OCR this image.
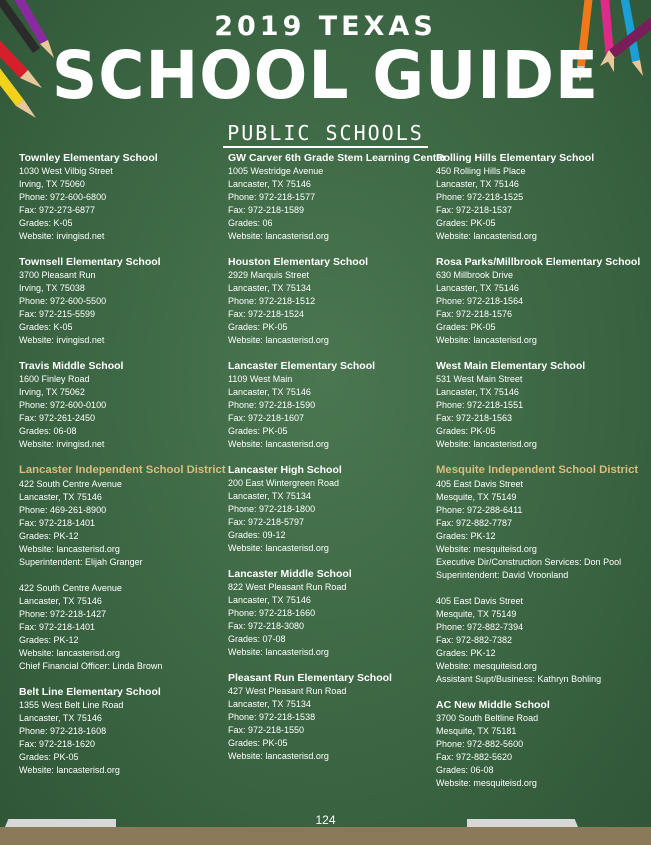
2019 TEXAS
SCHOOL GUIDE
PUBLIC SCHOOLS
Townley Elementary School
1030 West Vilbig Street
Irving, TX 75060
Phone: 972-600-6800
Fax: 972-273-6877
Grades: K-05
Website: irvingisd.net
Townsell Elementary School
3700 Pleasant Run
Irving, TX 75038
Phone: 972-600-5500
Fax: 972-215-5599
Grades: K-05
Website: irvingisd.net
Travis Middle School
1600 Finley Road
Irving, TX 75062
Phone: 972-600-0100
Fax: 972-261-2450
Grades: 06-08
Website: irvingisd.net
Lancaster Independent School District
422 South Centre Avenue
Lancaster, TX 75146
Phone: 469-261-8900
Fax: 972-218-1401
Grades: PK-12
Website: lancasterisd.org
Superintendent: Elijah Granger
422 South Centre Avenue
Lancaster, TX 75146
Phone: 972-218-1427
Fax: 972-218-1401
Grades: PK-12
Website: lancasterisd.org
Chief Financial Officer: Linda Brown
Belt Line Elementary School
1355 West Belt Line Road
Lancaster, TX 75146
Phone: 972-218-1608
Fax: 972-218-1620
Grades: PK-05
Website: lancasterisd.org
GW Carver 6th Grade Stem Learning Center
1005 Westridge Avenue
Lancaster, TX 75146
Phone: 972-218-1577
Fax: 972-218-1589
Grades: 06
Website: lancasterisd.org
Houston Elementary School
2929 Marquis Street
Lancaster, TX 75134
Phone: 972-218-1512
Fax: 972-218-1524
Grades: PK-05
Website: lancasterisd.org
Lancaster Elementary School
1109 West Main
Lancaster, TX 75146
Phone: 972-218-1590
Fax: 972-218-1607
Grades: PK-05
Website: lancasterisd.org
Lancaster High School
200 East Wintergreen Road
Lancaster, TX 75134
Phone: 972-218-1800
Fax: 972-218-5797
Grades: 09-12
Website: lancasterisd.org
Lancaster Middle School
822 West Pleasant Run Road
Lancaster, TX 75146
Phone: 972-218-1660
Fax: 972-218-3080
Grades: 07-08
Website: lancasterisd.org
Pleasant Run Elementary School
427 West Pleasant Run Road
Lancaster, TX 75134
Phone: 972-218-1538
Fax: 972-218-1550
Grades: PK-05
Website: lancasterisd.org
Rolling Hills Elementary School
450 Rolling Hills Place
Lancaster, TX 75146
Phone: 972-218-1525
Fax: 972-218-1537
Grades: PK-05
Website: lancasterisd.org
Rosa Parks/Millbrook Elementary School
630 Millbrook Drive
Lancaster, TX 75146
Phone: 972-218-1564
Fax: 972-218-1576
Grades: PK-05
Website: lancasterisd.org
West Main Elementary School
531 West Main Street
Lancaster, TX 75146
Phone: 972-218-1551
Fax: 972-218-1563
Grades: PK-05
Website: lancasterisd.org
Mesquite Independent School District
405 East Davis Street
Mesquite, TX 75149
Phone: 972-288-6411
Fax: 972-882-7787
Grades: PK-12
Website: mesquiteisd.org
Executive Dir/Construction Services: Don Pool
Superintendent: David Vroonland
405 East Davis Street
Mesquite, TX 75149
Phone: 972-882-7394
Fax: 972-882-7382
Grades: PK-12
Website: mesquiteisd.org
Assistant Supt/Business: Kathryn Bohling
AC New Middle School
3700 South Beltline Road
Mesquite, TX 75181
Phone: 972-882-5600
Fax: 972-882-5620
Grades: 06-08
Website: mesquiteisd.org
124
